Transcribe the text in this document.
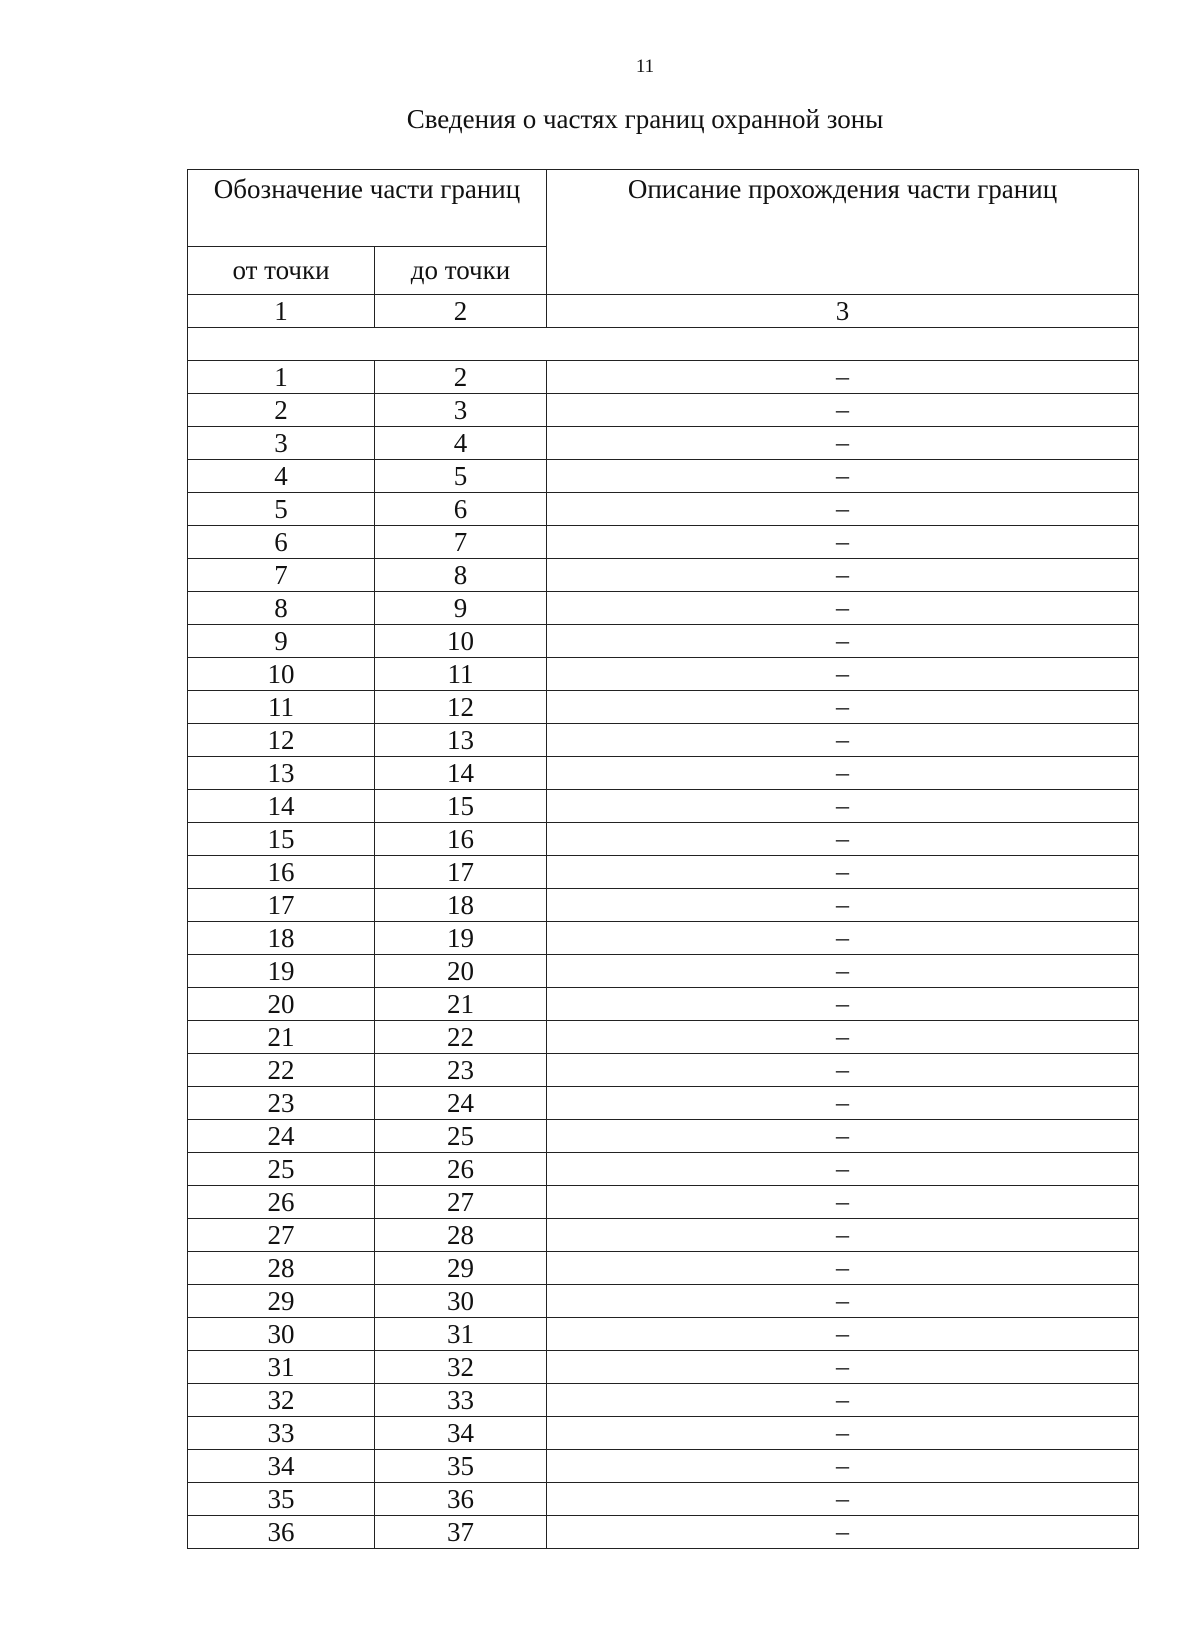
11
Сведения о частях границ охранной зоны
Обозначение части границ		Описание прохождения части границ
от точки	до точки	
1	2	3

1	2	–
2	3	–
3	4	–
4	5	–
5	6	–
6	7	–
7	8	–
8	9	–
9	10	–
10	11	–
11	12	–
12	13	–
13	14	–
14	15	–
15	16	–
16	17	–
17	18	–
18	19	–
19	20	–
20	21	–
21	22	–
22	23	–
23	24	–
24	25	–
25	26	–
26	27	–
27	28	–
28	29	–
29	30	–
30	31	–
31	32	–
32	33	–
33	34	–
34	35	–
35	36	–
36	37	–
